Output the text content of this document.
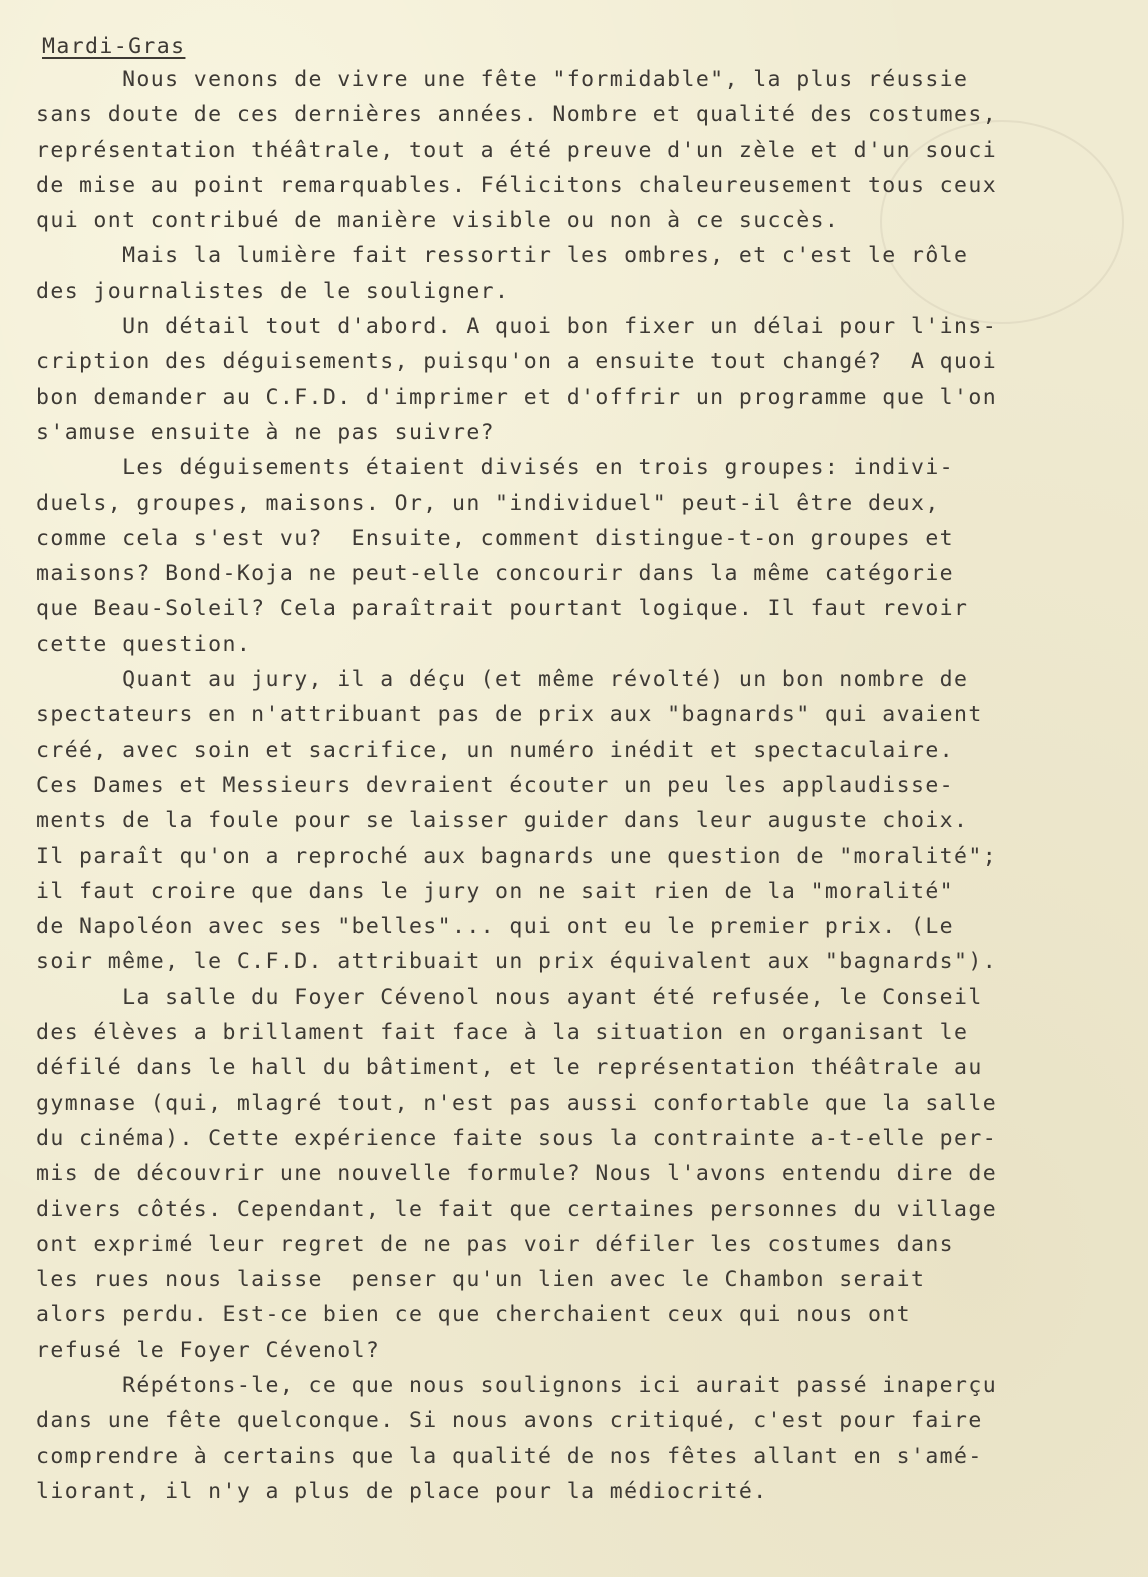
Mardi-Gras
Nous venons de vivre une fête "formidable", la plus réussie
sans doute de ces dernières années. Nombre et qualité des costumes,
représentation théâtrale, tout a été preuve d'un zèle et d'un souci
de mise au point remarquables. Félicitons chaleureusement tous ceux
qui ont contribué de manière visible ou non à ce succès.
Mais la lumière fait ressortir les ombres, et c'est le rôle
des journalistes de le souligner.
Un détail tout d'abord. A quoi bon fixer un délai pour l'ins-
cription des déguisements, puisqu'on a ensuite tout changé?  A quoi
bon demander au C.F.D. d'imprimer et d'offrir un programme que l'on
s'amuse ensuite à ne pas suivre?
Les déguisements étaient divisés en trois groupes: indivi-
duels, groupes, maisons. Or, un "individuel" peut-il être deux,
comme cela s'est vu?  Ensuite, comment distingue-t-on groupes et
maisons? Bond-Koja ne peut-elle concourir dans la même catégorie
que Beau-Soleil? Cela paraîtrait pourtant logique. Il faut revoir
cette question.
Quant au jury, il a déçu (et même révolté) un bon nombre de
spectateurs en n'attribuant pas de prix aux "bagnards" qui avaient
créé, avec soin et sacrifice, un numéro inédit et spectaculaire.
Ces Dames et Messieurs devraient écouter un peu les applaudisse-
ments de la foule pour se laisser guider dans leur auguste choix.
Il paraît qu'on a reproché aux bagnards une question de "moralité";
il faut croire que dans le jury on ne sait rien de la "moralité"
de Napoléon avec ses "belles"... qui ont eu le premier prix. (Le
soir même, le C.F.D. attribuait un prix équivalent aux "bagnards").
La salle du Foyer Cévenol nous ayant été refusée, le Conseil
des élèves a brillament fait face à la situation en organisant le
défilé dans le hall du bâtiment, et le représentation théâtrale au
gymnase (qui, mlagré tout, n'est pas aussi confortable que la salle
du cinéma). Cette expérience faite sous la contrainte a-t-elle per-
mis de découvrir une nouvelle formule? Nous l'avons entendu dire de
divers côtés. Cependant, le fait que certaines personnes du village
ont exprimé leur regret de ne pas voir défiler les costumes dans
les rues nous laisse  penser qu'un lien avec le Chambon serait
alors perdu. Est-ce bien ce que cherchaient ceux qui nous ont
refusé le Foyer Cévenol?
Répétons-le, ce que nous soulignons ici aurait passé inaperçu
dans une fête quelconque. Si nous avons critiqué, c'est pour faire
comprendre à certains que la qualité de nos fêtes allant en s'amé-
liorant, il n'y a plus de place pour la médiocrité.
